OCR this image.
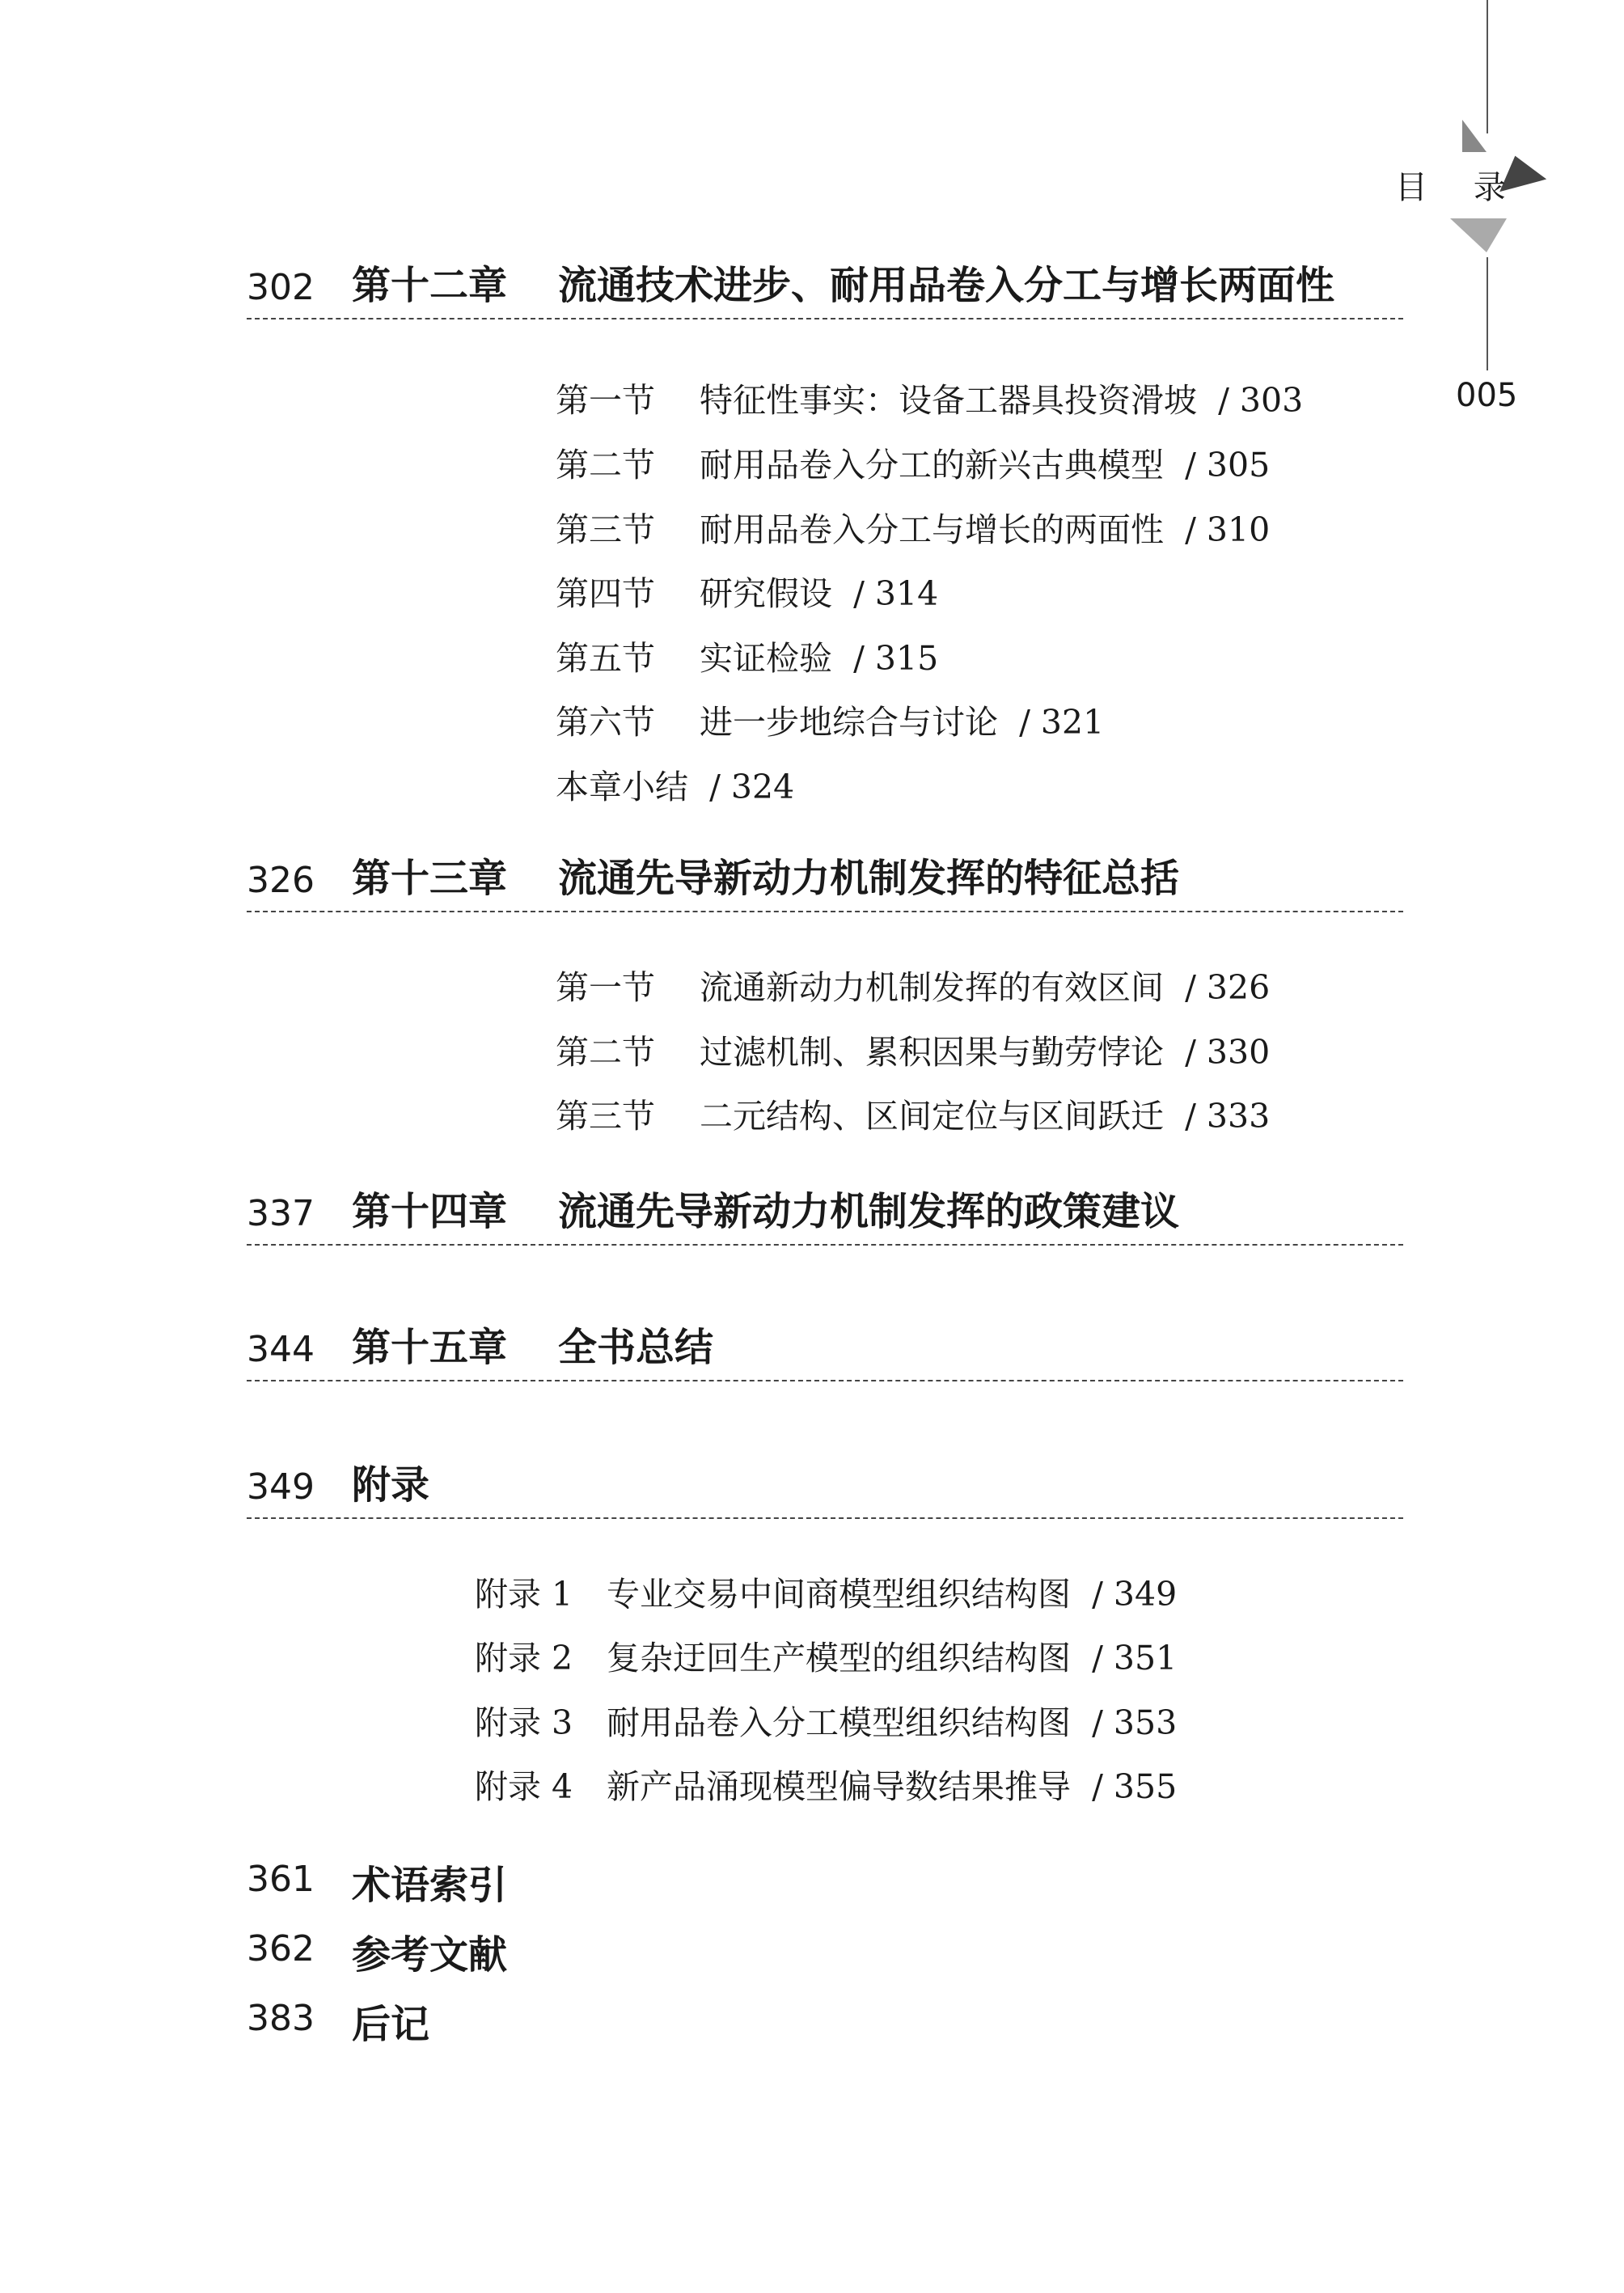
目 录
005
302 第十二章 流通技术进步、耐用品卷入分工与增长两面性
第一节 特征性事实：设备工器具投资滑坡 / 303
第二节 耐用品卷入分工的新兴古典模型 / 305
第三节 耐用品卷入分工与增长的两面性 / 310
第四节 研究假设 / 314
第五节 实证检验 / 315
第六节 进一步地综合与讨论 / 321
本章小结 / 324
326 第十三章 流通先导新动力机制发挥的特征总括
第一节 流通新动力机制发挥的有效区间 / 326
第二节 过滤机制、累积因果与勤劳悖论 / 330
第三节 二元结构、区间定位与区间跃迁 / 333
337 第十四章 流通先导新动力机制发挥的政策建议
344 第十五章 全书总结
349 附录
附录 1 专业交易中间商模型组织结构图 / 349
附录 2 复杂迂回生产模型的组织结构图 / 351
附录 3 耐用品卷入分工模型组织结构图 / 353
附录 4 新产品涌现模型偏导数结果推导 / 355
361 术语索引
362 参考文献
383 后记
